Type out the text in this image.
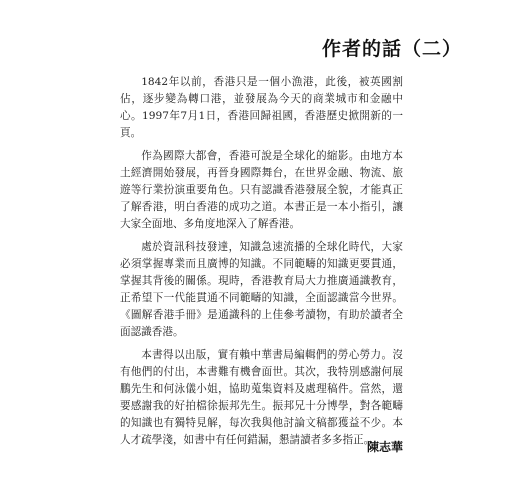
作者的話（二）

1842年以前，香港只是一個小漁港，此後，被英國割佔，逐步變為轉口港，並發展為今天的商業城市和金融中心。1997年7月1日，香港回歸祖國，香港歷史掀開新的一頁。

作為國際大都會，香港可說是全球化的縮影。由地方本土經濟開始發展，再晉身國際舞台，在世界金融、物流、旅遊等行業扮演重要角色。只有認識香港發展全貌，才能真正了解香港，明白香港的成功之道。本書正是一本小指引，讓大家全面地、多角度地深入了解香港。

處於資訊科技發達，知識急速流播的全球化時代，大家必須掌握專業而且廣博的知識。不同範疇的知識更要貫通，掌握其背後的關係。現時，香港教育局大力推廣通識教育，正希望下一代能貫通不同範疇的知識，全面認識當今世界。《圖解香港手冊》是通識科的上佳參考讀物，有助於讀者全面認識香港。

本書得以出版，實有賴中華書局編輯們的勞心勞力。沒有他們的付出，本書難有機會面世。其次，我特別感謝何展鵬先生和何泳儀小姐，協助蒐集資料及處理稿件。當然，還要感謝我的好拍檔徐振邦先生。振邦兄十分博學，對各範疇的知識也有獨特見解，每次我與他討論文稿都獲益不少。本人才疏學淺，如書中有任何錯漏，懇請讀者多多指正。

陳志華
